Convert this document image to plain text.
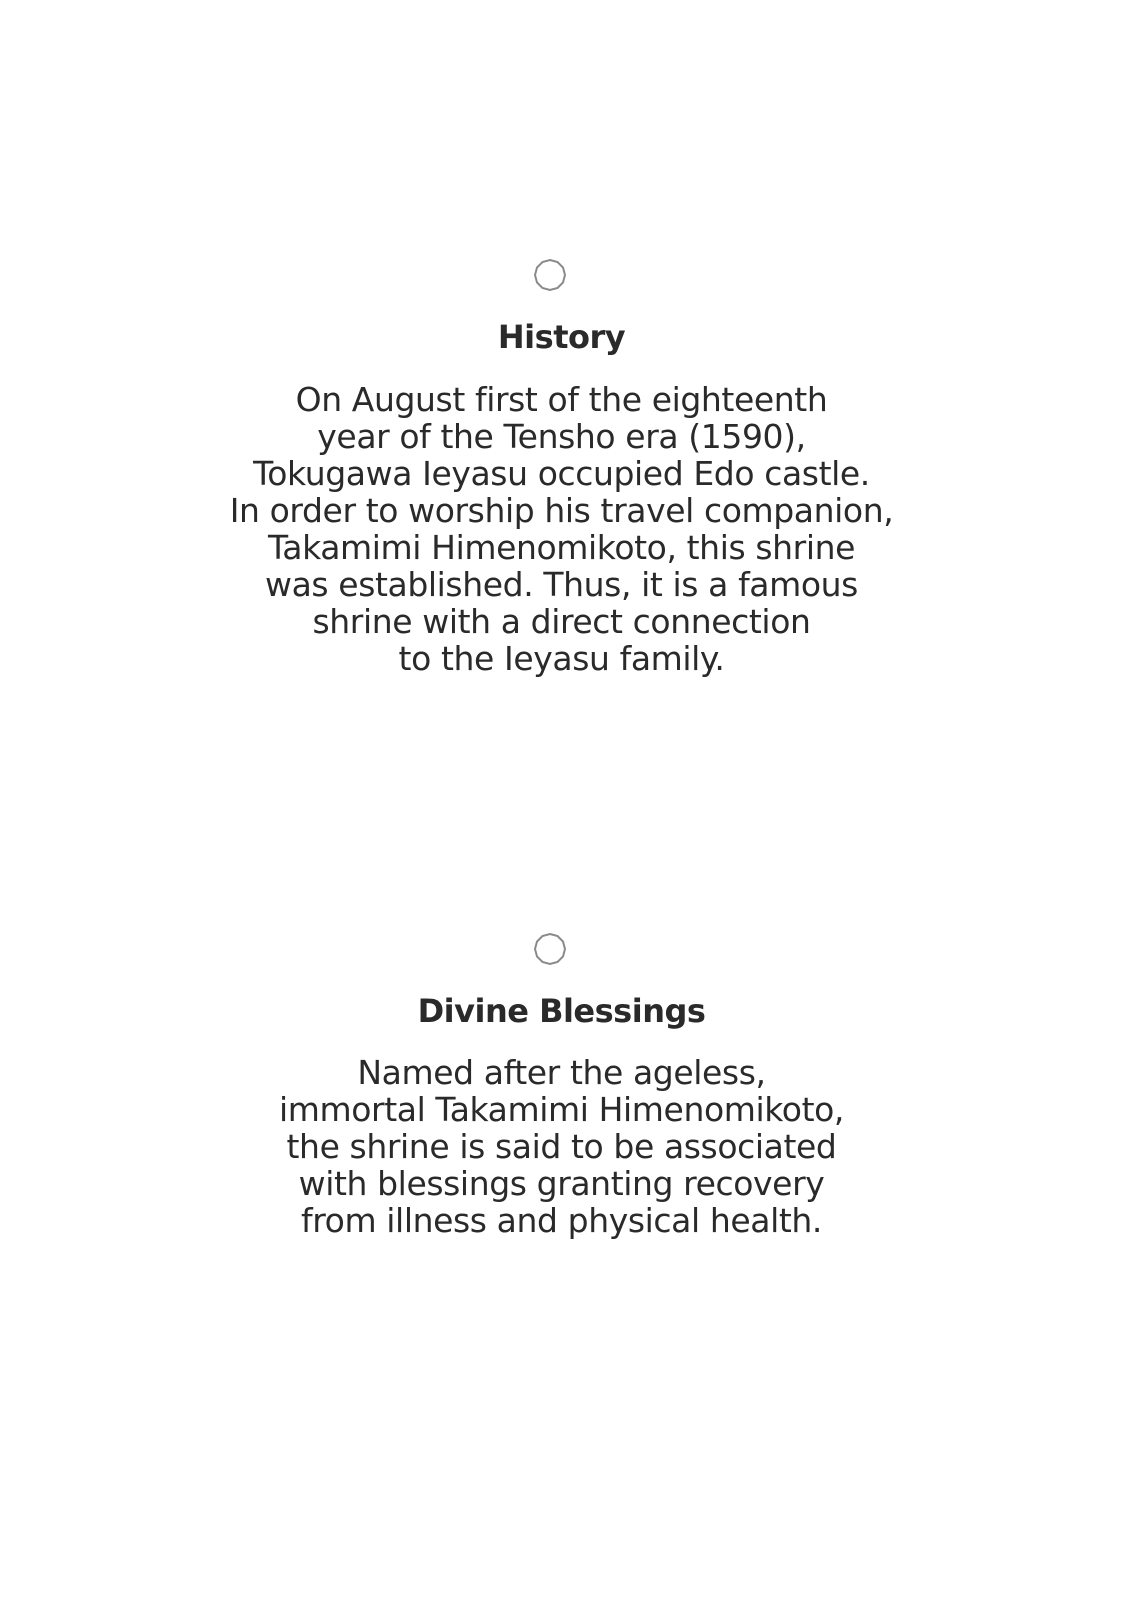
History
On August first of the eighteenth
year of the Tensho era (1590),
Tokugawa Ieyasu occupied Edo castle.
In order to worship his travel companion,
Takamimi Himenomikoto, this shrine
was established. Thus, it is a famous
shrine with a direct connection
to the Ieyasu family.
Divine Blessings
Named after the ageless,
immortal Takamimi Himenomikoto,
the shrine is said to be associated
with blessings granting recovery
from illness and physical health.
